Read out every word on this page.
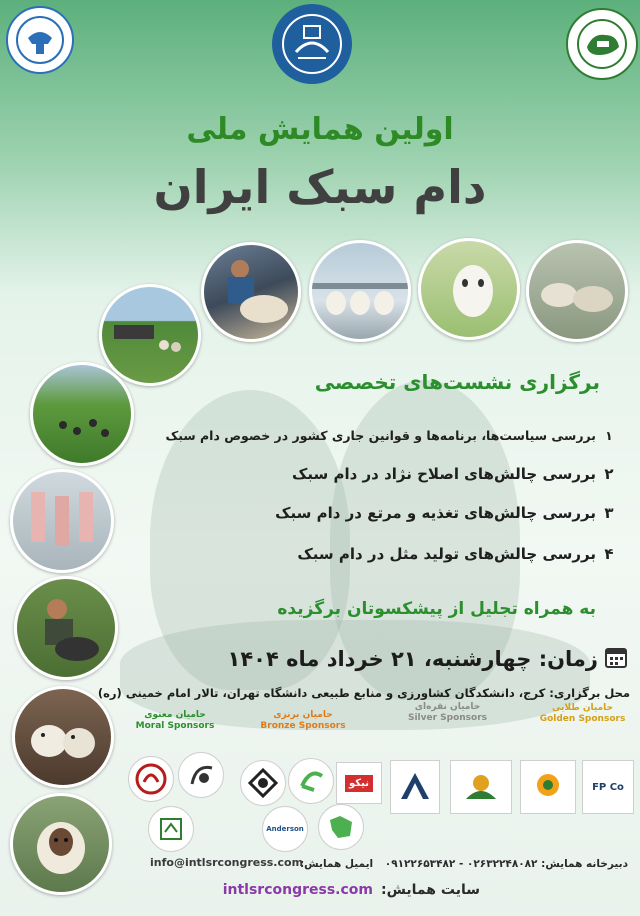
اولین همایش ملی
دام سبک ایران
برگزاری نشست‌های تخصصی
۱بررسی سیاست‌ها، برنامه‌ها و قوانین جاری کشور در خصوص دام سبک
۲بررسی چالش‌های اصلاح نژاد در دام سبک
۳بررسی چالش‌های تغذیه و مرتع در دام سبک
۴بررسی چالش‌های تولید مثل در دام سبک
به همراه تجلیل از پیشکسوتان برگزیده
زمان: چهارشنبه، ۲۱ خرداد ماه ۱۴۰۴
محل برگزاری: کرج، دانشکدگان کشاورزی و منابع طبیعی دانشگاه تهران، تالار امام خمینی (ره)
حامیان معنوی
Moral Sponsors
حامیان برنزی
Bronze Sponsors
حامیان نقره‌ای
Silver Sponsors
حامیان طلایی
Golden Sponsors
نیکو
Anderson
FP Co
دبیرخانه همایش: ۰۲۶۳۲۲۴۸۰۸۲ - ۰۹۱۲۲۶۵۳۴۸۲ ایمیل همایش:
info@intlsrcongress.com
سایت همایش:
intlsrcongress.com
